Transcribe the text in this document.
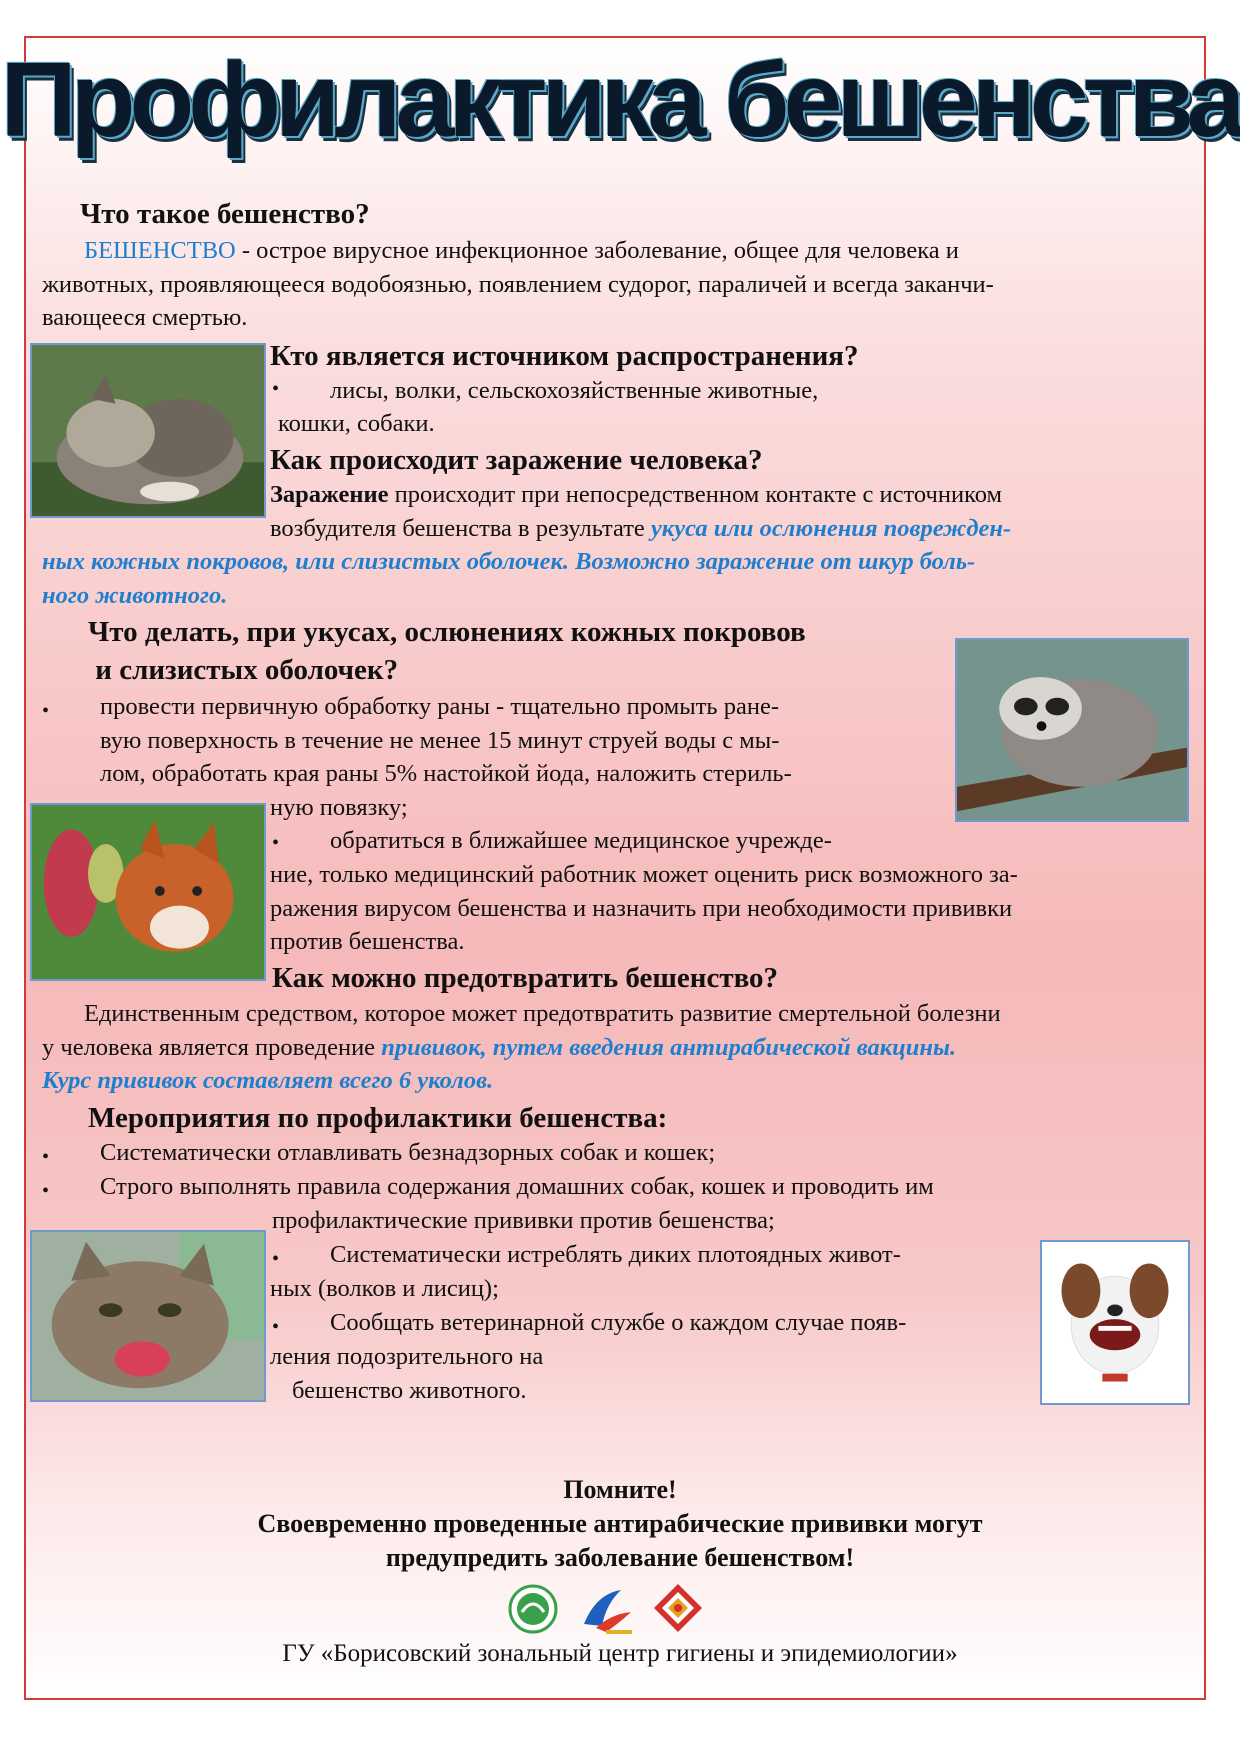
Профилактика бешенства
Что такое бешенство?
БЕШЕНСТВО - острое вирусное инфекционное заболевание, общее для человека и
животных, проявляющееся водобоязнью, появлением судорог, параличей и всегда заканчи-
вающееся смертью.
Кто является источником распространения?
• лисы, волки, сельскохозяйственные животные,
кошки, собаки.
Как происходит заражение человека?
Заражение происходит при непосредственном контакте с источником
возбудителя бешенства в результате укуса или ослюнения поврежден-
ных кожных покровов, или слизистых оболочек. Возможно заражение от шкур боль-
ного животного.
Что делать, при укусах, ослюнениях кожных покровов
и слизистых оболочек?
• провести первичную обработку раны - тщательно промыть ране-
вую поверхность в течение не менее 15 минут струей воды с мы-
лом, обработать края раны 5% настойкой йода, наложить стериль-
ную повязку;
• обратиться в ближайшее медицинское учрежде-
ние, только медицинский работник может оценить риск возможного за-
ражения вирусом бешенства и назначить при необходимости прививки
против бешенства.
Как можно предотвратить бешенство?
Единственным средством, которое может предотвратить развитие смертельной болезни
у человека является проведение прививок, путем введения антирабической вакцины.
Курс прививок составляет всего 6 уколов.
Мероприятия по профилактики бешенства:
• Систематически отлавливать безнадзорных собак и кошек;
• Строго выполнять правила содержания домашних собак, кошек и проводить им
профилактические прививки против бешенства;
• Систематически истреблять диких плотоядных живот-
ных (волков и лисиц);
• Сообщать ветеринарной службе о каждом случае появ-
ления подозрительного на
бешенство животного.
Помните!
Своевременно проведенные антирабические прививки могут
предупредить заболевание бешенством!
ГУ «Борисовский зональный центр гигиены и эпидемиологии»
